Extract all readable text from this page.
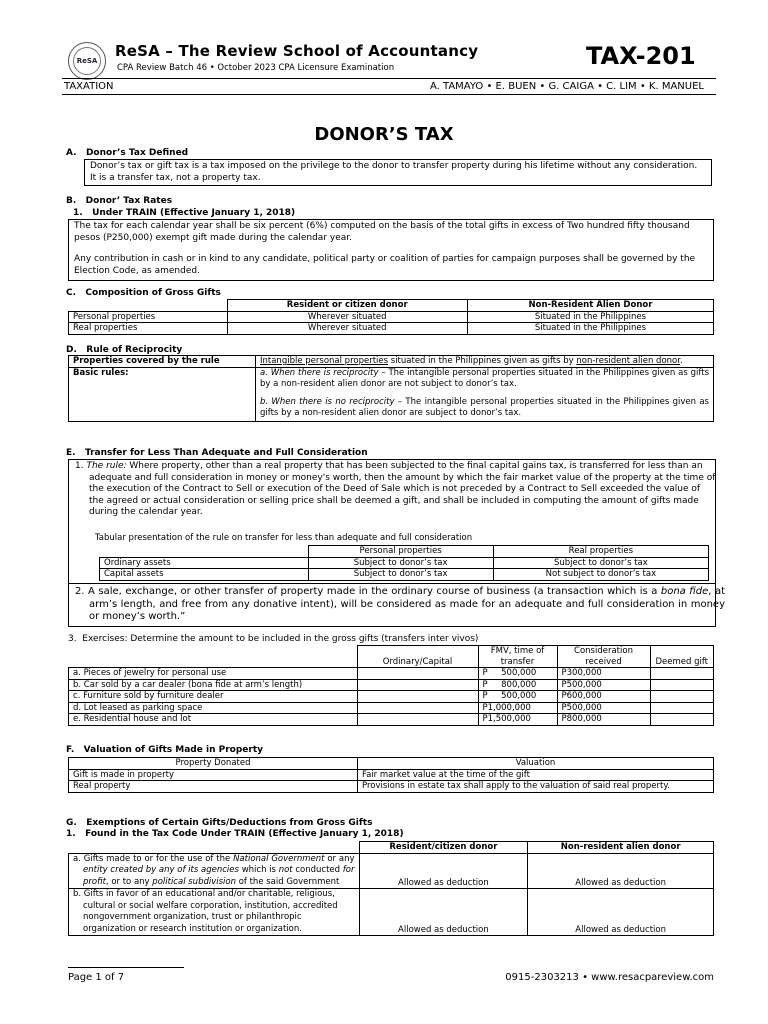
ReSA
ReSA – The Review School of Accountancy
CPA Review Batch 46 • October 2023 CPA Licensure Examination	TAX-201
TAXATION	A. TAMAYO • E. BUEN • G. CAIGA • C. LIM • K. MANUEL
DONOR’S TAX
A.   Donor’s Tax Defined
Donor’s tax or gift tax is a tax imposed on the privilege to the donor to transfer property during his lifetime without any consideration. It is a transfer tax, not a property tax.
B.   Donor’ Tax Rates
1.   Under TRAIN (Effective January 1, 2018)
The tax for each calendar year shall be six percent (6%) computed on the basis of the total gifts in excess of Two hundred fifty thousand pesos (P250,000) exempt gift made during the calendar year.
Any contribution in cash or in kind to any candidate, political party or coalition of parties for campaign purposes shall be governed by the Election Code, as amended.
C.   Composition of Gross Gifts
	Resident or citizen donor	Non-Resident Alien Donor
Personal properties	Wherever situated	Situated in the Philippines
Real properties	Wherever situated	Situated in the Philippines
D.   Rule of Reciprocity
Properties covered by the rule	Intangible personal properties situated in the Philippines given as gifts by non-resident alien donor.
Basic rules:	a. When there is reciprocity – The intangible personal properties situated in the Philippines given as gifts by a non-resident alien donor are not subject to donor’s tax.
b. When there is no reciprocity – The intangible personal properties situated in the Philippines given as gifts by a non-resident alien donor are subject to donor’s tax.
E.   Transfer for Less Than Adequate and Full Consideration
1. The rule: Where property, other than a real property that has been subjected to the final capital gains tax, is transferred for less than an adequate and full consideration in money or money's worth, then the amount by which the fair market value of the property at the time of the execution of the Contract to Sell or execution of the Deed of Sale which is not preceded by a Contract to Sell exceeded the value of the agreed or actual consideration or selling price shall be deemed a gift, and shall be included in computing the amount of gifts made during the calendar year.
Tabular presentation of the rule on transfer for less than adequate and full consideration
	Personal properties	Real properties
Ordinary assets	Subject to donor’s tax	Subject to donor’s tax
Capital assets	Subject to donor’s tax	Not subject to donor’s tax
2. A sale, exchange, or other transfer of property made in the ordinary course of business (a transaction which is a bona fide, at arm’s length, and free from any donative intent), will be considered as made for an adequate and full consideration in money or money’s worth.”
3.  Exercises: Determine the amount to be included in the gross gifts (transfers inter vivos)
	Ordinary/Capital	FMV, time of transfer	Consideration received	Deemed gift
a. Pieces of jewelry for personal use		P     500,000	P300,000	
b. Car sold by a car dealer (bona fide at arm’s length)		P     800,000	P500,000	
c. Furniture sold by furniture dealer		P     500,000	P600,000	
d. Lot leased as parking space		P1,000,000	P500,000	
e. Residential house and lot		P1,500,000	P800,000	
F.   Valuation of Gifts Made in Property
Property Donated	Valuation
Gift is made in property	Fair market value at the time of the gift
Real property	Provisions in estate tax shall apply to the valuation of said real property.
G.   Exemptions of Certain Gifts/Deductions from Gross Gifts
1.   Found in the Tax Code Under TRAIN (Effective January 1, 2018)
	Resident/citizen donor	Non-resident alien donor
a. Gifts made to or for the use of the National Government or any entity created by any of its agencies which is not conducted for profit, or to any political subdivision of the said Government	Allowed as deduction	Allowed as deduction
b. Gifts in favor of an educational and/or charitable, religious, cultural or social welfare corporation, institution, accredited nongovernment organization, trust or philanthropic organization or research institution or organization.	Allowed as deduction	Allowed as deduction
Page 1 of 7	0915-2303213 • www.resacpareview.com
